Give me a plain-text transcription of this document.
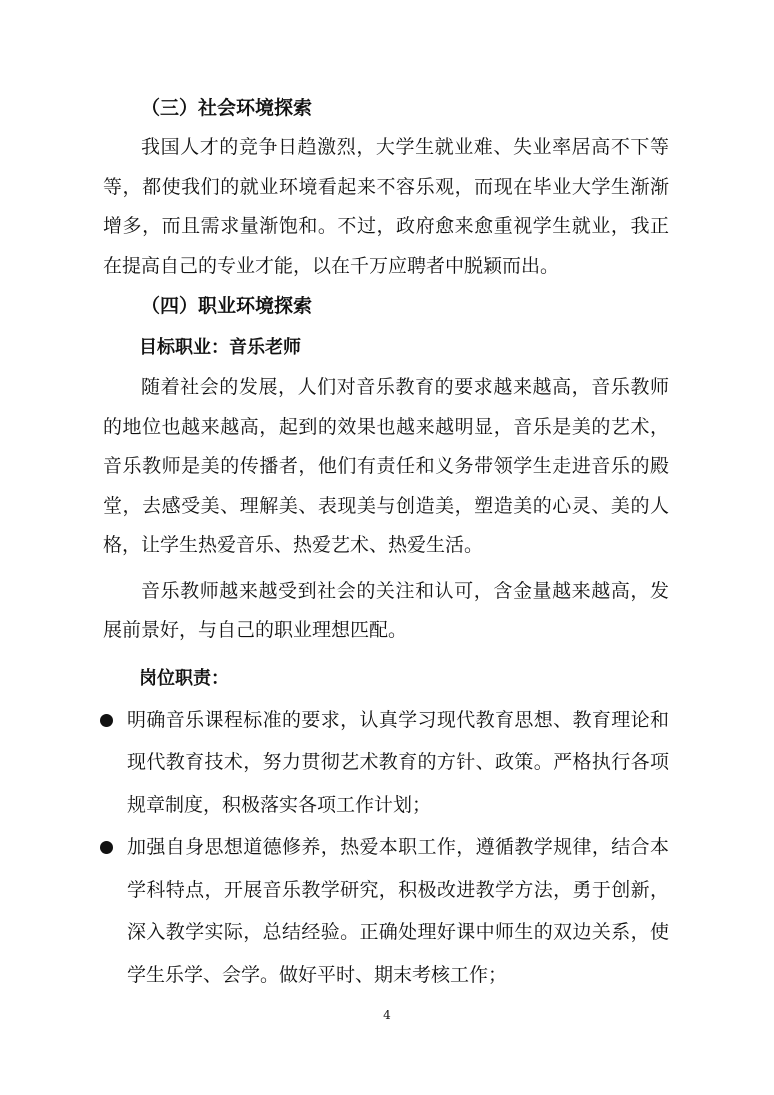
（三）社会环境探索

我国人才的竞争日趋激烈，大学生就业难、失业率居高不下等等，都使我们的就业环境看起来不容乐观，而现在毕业大学生渐渐增多，而且需求量渐饱和。不过，政府愈来愈重视学生就业，我正在提高自己的专业才能，以在千万应聘者中脱颖而出。

（四）职业环境探索
目标职业：音乐老师

随着社会的发展，人们对音乐教育的要求越来越高，音乐教师的地位也越来越高，起到的效果也越来越明显，音乐是美的艺术，音乐教师是美的传播者，他们有责任和义务带领学生走进音乐的殿堂，去感受美、理解美、表现美与创造美，塑造美的心灵、美的人格，让学生热爱音乐、热爱艺术、热爱生活。

音乐教师越来越受到社会的关注和认可，含金量越来越高，发展前景好，与自己的职业理想匹配。

岗位职责：
明确音乐课程标准的要求，认真学习现代教育思想、教育理论和现代教育技术，努力贯彻艺术教育的方针、政策。严格执行各项规章制度，积极落实各项工作计划；
加强自身思想道德修养，热爱本职工作，遵循教学规律，结合本学科特点，开展音乐教学研究，积极改进教学方法，勇于创新，深入教学实际，总结经验。正确处理好课中师生的双边关系，使学生乐学、会学。做好平时、期末考核工作；
4
